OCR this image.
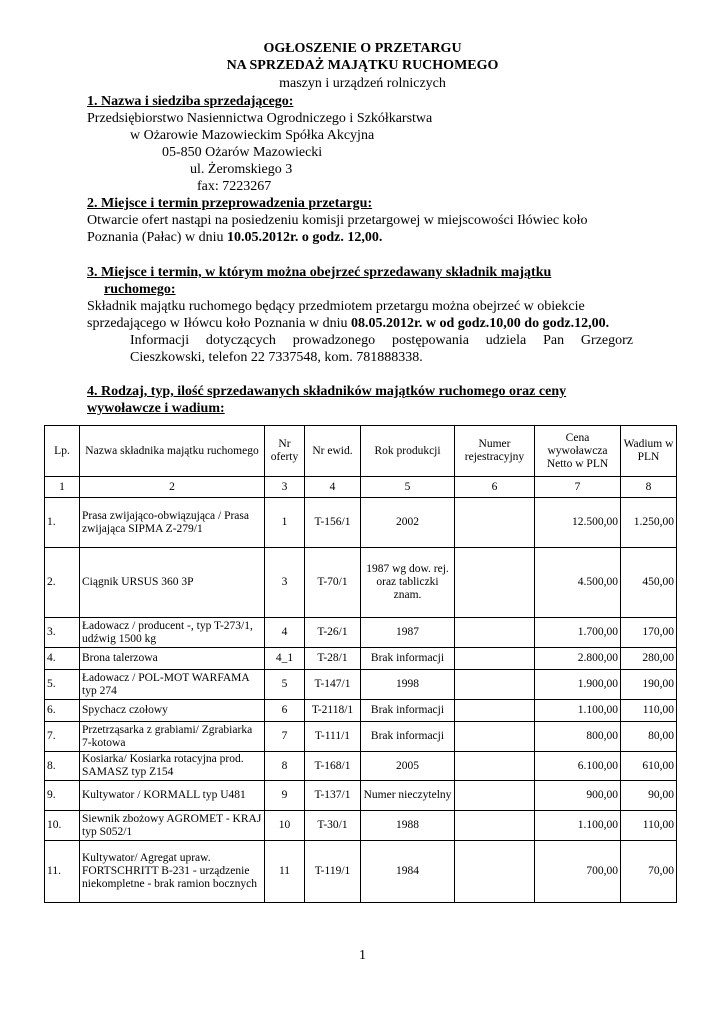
OGŁOSZENIE O PRZETARGU
NA SPRZEDAŻ MAJĄTKU RUCHOMEGO
maszyn i urządzeń rolniczych
1. Nazwa i siedziba sprzedającego:
Przedsiębiorstwo Nasiennictwa Ogrodniczego i Szkółkarstwa
w Ożarowie Mazowieckim Spółka Akcyjna
05-850 Ożarów Mazowiecki
ul. Żeromskiego 3
fax: 7223267
2. Miejsce i termin przeprowadzenia przetargu:
Otwarcie ofert nastąpi na posiedzeniu komisji przetargowej w miejscowości Iłówiec koło
Poznania (Pałac) w dniu 10.05.2012r. o godz. 12,00.
3. Miejsce i termin, w którym można obejrzeć sprzedawany składnik majątku
ruchomego:
Składnik majątku ruchomego będący przedmiotem przetargu można obejrzeć w obiekcie
sprzedającego w Iłówcu koło Poznania w dniu 08.05.2012r. w od godz.10,00 do godz.12,00.
Informacji dotyczących prowadzonego postępowania udziela Pan Grzegorz
Cieszkowski, telefon 22 7337548, kom. 781888338.
4. Rodzaj, typ, ilość sprzedawanych składników majątków ruchomego oraz ceny
wywoławcze i wadium:
Lp.	Nazwa składnika majątku ruchomego	Nr oferty	Nr ewid.	Rok produkcji	Numer rejestracyjny	Cena wywoławcza Netto w PLN	Wadium w PLN
1	2	3	4	5	6	7	8
1.	Prasa zwijająco-obwiązująca / Prasa zwijająca SIPMA Z-279/1	1	T-156/1	2002		12.500,00	1.250,00
2.	Ciągnik URSUS 360 3P	3	T-70/1	1987 wg dow. rej. oraz tabliczki znam.		4.500,00	450,00
3.	Ładowacz / producent -, typ T-273/1, udźwig 1500 kg	4	T-26/1	1987		1.700,00	170,00
4.	Brona talerzowa	4_1	T-28/1	Brak informacji		2.800,00	280,00
5.	Ładowacz / POL-MOT WARFAMA typ 274	5	T-147/1	1998		1.900,00	190,00
6.	Spychacz czołowy	6	T-2118/1	Brak informacji		1.100,00	110,00
7.	Przetrząsarka z grabiami/ Zgrabiarka 7-kotowa	7	T-111/1	Brak informacji		800,00	80,00
8.	Kosiarka/ Kosiarka rotacyjna prod. SAMASZ typ Z154	8	T-168/1	2005		6.100,00	610,00
9.	Kultywator / KORMALL typ U481	9	T-137/1	Numer nieczytelny		900,00	90,00
10.	Siewnik zbożowy AGROMET - KRAJ typ S052/1	10	T-30/1	1988		1.100,00	110,00
11.	Kultywator/ Agregat upraw. FORTSCHRITT B-231 - urządzenie niekompletne - brak ramion bocznych	11	T-119/1	1984		700,00	70,00
1
